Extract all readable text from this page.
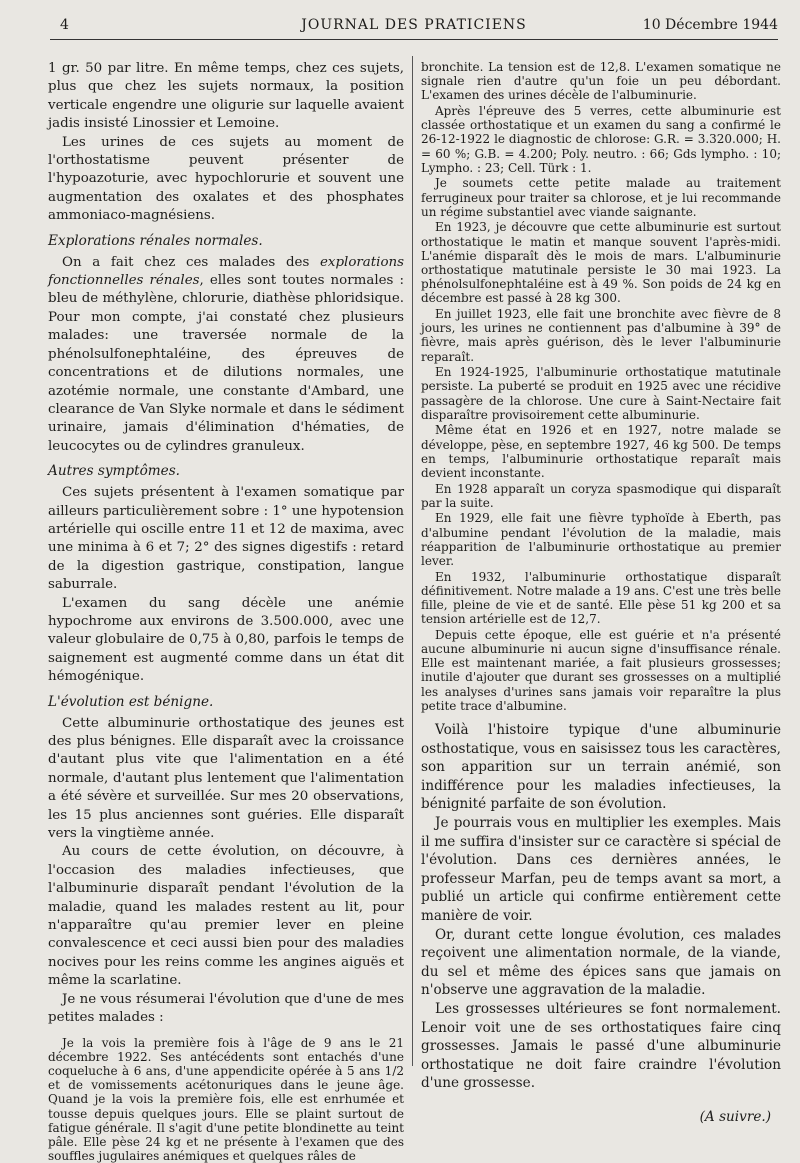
4	JOURNAL DES PRATICIENS	10 Décembre 1944

1 gr. 50 par litre. En même temps, chez ces sujets, plus que chez les sujets normaux, la position verticale engendre une oligurie sur laquelle avaient jadis insisté Linossier et Lemoine.

Les urines de ces sujets au moment de l'orthostatisme peuvent présenter de l'hypoazoturie, avec hypochlorurie et souvent une augmentation des oxalates et des phosphates ammoniaco-magnésiens.

Explorations rénales normales.

On a fait chez ces malades des explorations fonctionnelles rénales, elles sont toutes normales : bleu de méthylène, chlorurie, diathèse phloridsique. Pour mon compte, j'ai constaté chez plusieurs malades: une traversée normale de la phénolsulfonephtaléine, des épreuves de concentrations et de dilutions normales, une azotémie normale, une constante d'Ambard, une clearance de Van Slyke normale et dans le sédiment urinaire, jamais d'élimination d'hématies, de leucocytes ou de cylindres granuleux.

Autres symptômes.

Ces sujets présentent à l'examen somatique par ailleurs particulièrement sobre : 1° une hypotension artérielle qui oscille entre 11 et 12 de maxima, avec une minima à 6 et 7; 2° des signes digestifs : retard de la digestion gastrique, constipation, langue saburrale.

L'examen du sang décèle une anémie hypochrome aux environs de 3.500.000, avec une valeur globulaire de 0,75 à 0,80, parfois le temps de saignement est augmenté comme dans un état dit hémogénique.

L'évolution est bénigne.

Cette albuminurie orthostatique des jeunes est des plus bénignes. Elle disparaît avec la croissance d'autant plus vite que l'alimentation en a été normale, d'autant plus lentement que l'alimentation a été sévère et surveillée. Sur mes 20 observations, les 15 plus anciennes sont guéries. Elle disparaît vers la vingtième année.

Au cours de cette évolution, on découvre, à l'occasion des maladies infectieuses, que l'albuminurie disparaît pendant l'évolution de la maladie, quand les malades restent au lit, pour n'apparaître qu'au premier lever en pleine convalescence et ceci aussi bien pour des maladies nocives pour les reins comme les angines aiguës et même la scarlatine.

Je ne vous résumerai l'évolution que d'une de mes petites malades :

Je la vois la première fois à l'âge de 9 ans le 21 décembre 1922. Ses antécédents sont entachés d'une coqueluche à 6 ans, d'une appendicite opérée à 5 ans 1/2 et de vomissements acétonuriques dans le jeune âge. Quand je la vois la première fois, elle est enrhumée et tousse depuis quelques jours. Elle se plaint surtout de fatigue générale. Il s'agit d'une petite blondinette au teint pâle. Elle pèse 24 kg et ne présente à l'examen que des souffles jugulaires anémiques et quelques râles de

bronchite. La tension est de 12,8. L'examen somatique ne signale rien d'autre qu'un foie un peu débordant. L'examen des urines décèle de l'albuminurie.

Après l'épreuve des 5 verres, cette albuminurie est classée orthostatique et un examen du sang a confirmé le 26-12-1922 le diagnostic de chlorose: G.R. = 3.320.000; H. = 60 %; G.B. = 4.200; Poly. neutro. : 66; Gds lympho. : 10; Lympho. : 23; Cell. Türk : 1.

Je soumets cette petite malade au traitement ferrugineux pour traiter sa chlorose, et je lui recommande un régime substantiel avec viande saignante.

En 1923, je découvre que cette albuminurie est surtout orthostatique le matin et manque souvent l'après-midi. L'anémie disparaît dès le mois de mars. L'albuminurie orthostatique matutinale persiste le 30 mai 1923. La phénolsulfonephtaléine est à 49 %. Son poids de 24 kg en décembre est passé à 28 kg 300.

En juillet 1923, elle fait une bronchite avec fièvre de 8 jours, les urines ne contiennent pas d'albumine à 39° de fièvre, mais après guérison, dès le lever l'albuminurie reparaît.

En 1924-1925, l'albuminurie orthostatique matutinale persiste. La puberté se produit en 1925 avec une récidive passagère de la chlorose. Une cure à Saint-Nectaire fait disparaître provisoirement cette albuminurie.

Même état en 1926 et en 1927, notre malade se développe, pèse, en septembre 1927, 46 kg 500. De temps en temps, l'albuminurie orthostatique reparaît mais devient inconstante.

En 1928 apparaît un coryza spasmodique qui disparaît par la suite.

En 1929, elle fait une fièvre typhoïde à Eberth, pas d'albumine pendant l'évolution de la maladie, mais réapparition de l'albuminurie orthostatique au premier lever.

En 1932, l'albuminurie orthostatique disparaît définitivement. Notre malade a 19 ans. C'est une très belle fille, pleine de vie et de santé. Elle pèse 51 kg 200 et sa tension artérielle est de 12,7.

Depuis cette époque, elle est guérie et n'a présenté aucune albuminurie ni aucun signe d'insuffisance rénale. Elle est maintenant mariée, a fait plusieurs grossesses; inutile d'ajouter que durant ses grossesses on a multiplié les analyses d'urines sans jamais voir reparaître la plus petite trace d'albumine.

Voilà l'histoire typique d'une albuminurie osthostatique, vous en saisissez tous les caractères, son apparition sur un terrain anémié, son indifférence pour les maladies infectieuses, la bénignité parfaite de son évolution.

Je pourrais vous en multiplier les exemples. Mais il me suffira d'insister sur ce caractère si spécial de l'évolution. Dans ces dernières années, le professeur Marfan, peu de temps avant sa mort, a publié un article qui confirme entièrement cette manière de voir.

Or, durant cette longue évolution, ces malades reçoivent une alimentation normale, de la viande, du sel et même des épices sans que jamais on n'observe une aggravation de la maladie.

Les grossesses ultérieures se font normalement. Lenoir voit une de ses orthostatiques faire cinq grossesses. Jamais le passé d'une albuminurie orthostatique ne doit faire craindre l'évolution d'une grossesse.

(A suivre.)
